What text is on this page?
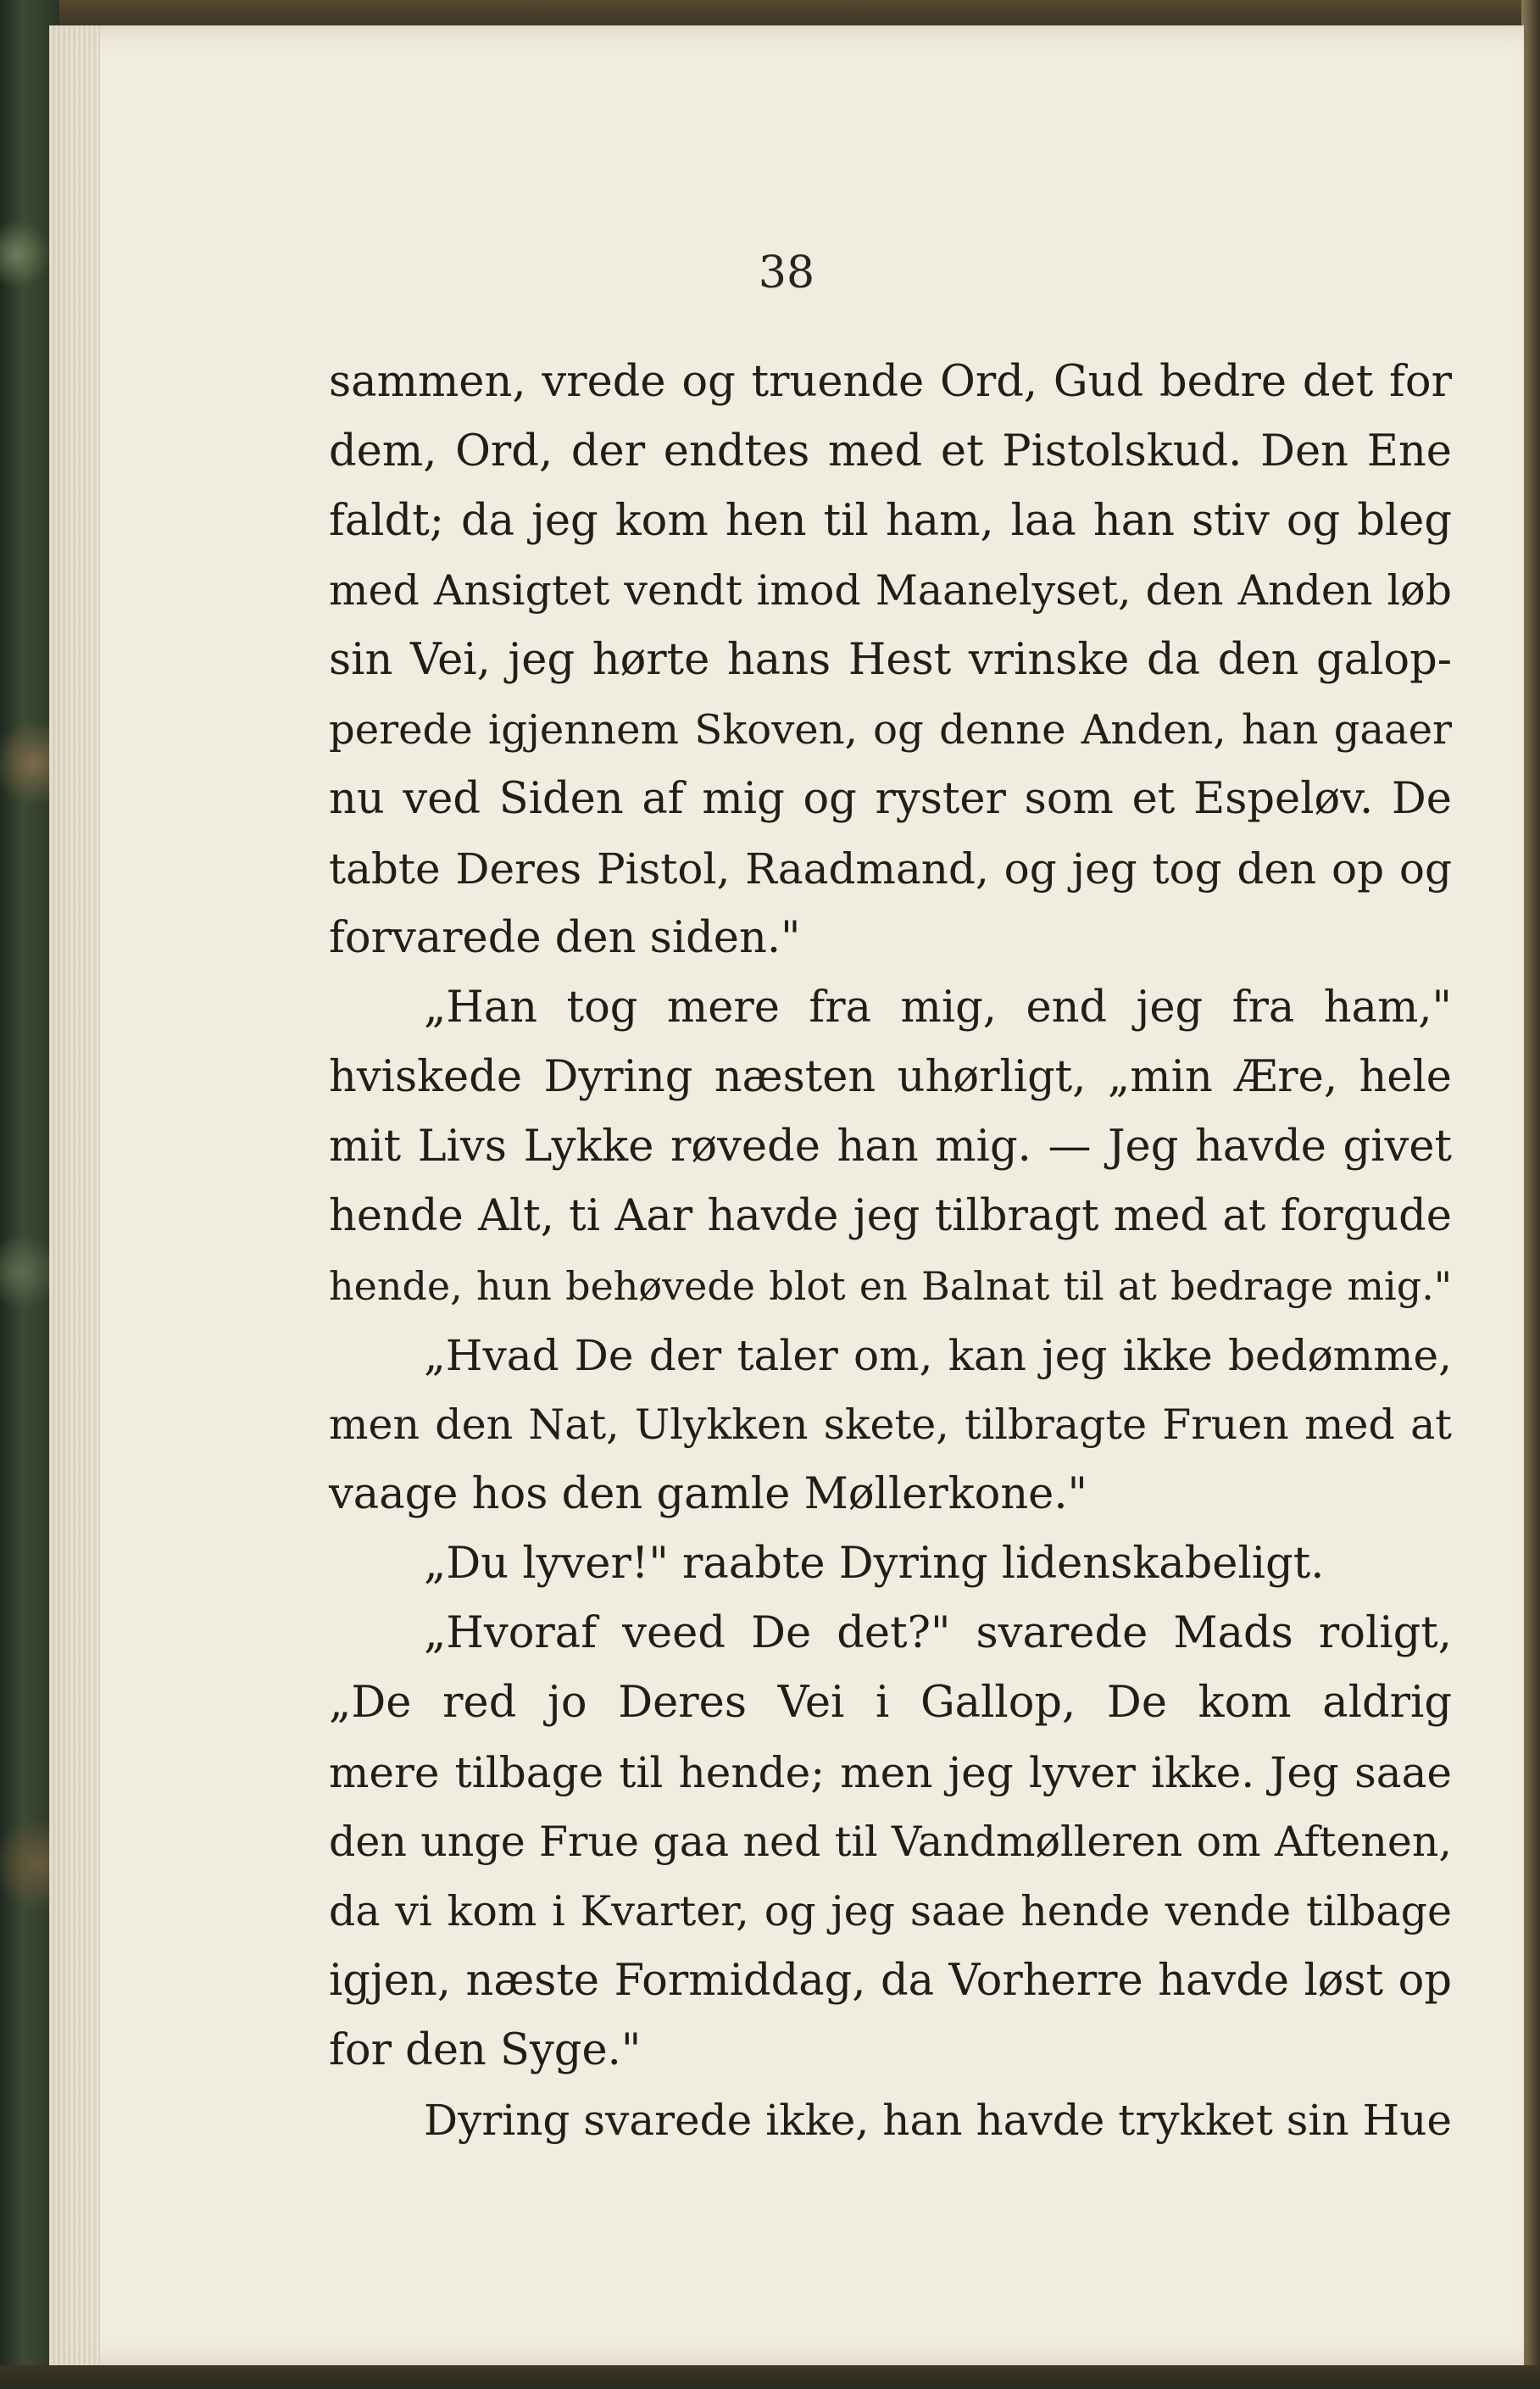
38

sammen, vrede og truende Ord, Gud bedre det for
dem, Ord, der endtes med et Pistolskud. Den Ene
faldt; da jeg kom hen til ham, laa han stiv og bleg
med Ansigtet vendt imod Maanelyset, den Anden løb
sin Vei, jeg hørte hans Hest vrinske da den galop-
perede igjennem Skoven, og denne Anden, han gaaer
nu ved Siden af mig og ryster som et Espeløv. De
tabte Deres Pistol, Raadmand, og jeg tog den op og
forvarede den siden."
„Han tog mere fra mig, end jeg fra ham,"
hviskede Dyring næsten uhørligt, „min Ære, hele
mit Livs Lykke røvede han mig. — Jeg havde givet
hende Alt, ti Aar havde jeg tilbragt med at forgude
hende, hun behøvede blot en Balnat til at bedrage mig."
„Hvad De der taler om, kan jeg ikke bedømme,
men den Nat, Ulykken skete, tilbragte Fruen med at
vaage hos den gamle Møllerkone."
„Du lyver!" raabte Dyring lidenskabeligt.
„Hvoraf veed De det?" svarede Mads roligt,
„De red jo Deres Vei i Gallop, De kom aldrig
mere tilbage til hende; men jeg lyver ikke. Jeg saae
den unge Frue gaa ned til Vandmølleren om Aftenen,
da vi kom i Kvarter, og jeg saae hende vende tilbage
igjen, næste Formiddag, da Vorherre havde løst op
for den Syge."
Dyring svarede ikke, han havde trykket sin Hue
